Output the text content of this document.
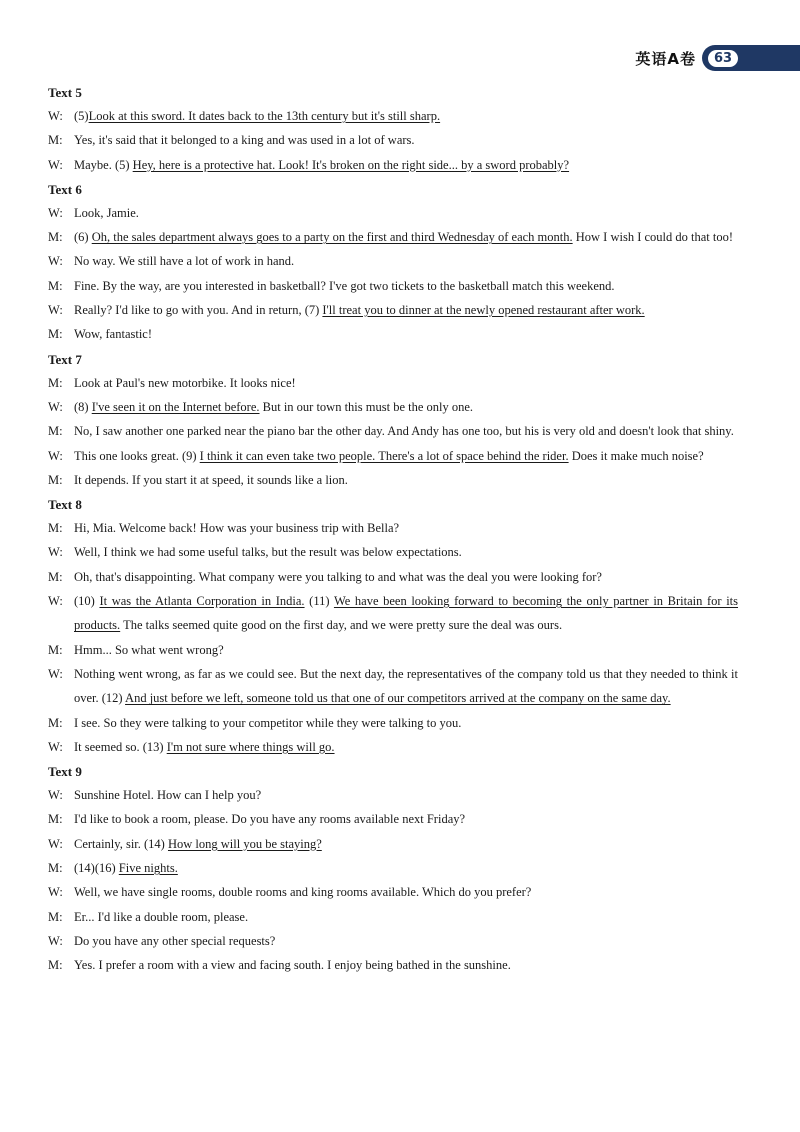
英语A卷 63
Text 5
W: (5)Look at this sword. It dates back to the 13th century but it's still sharp.
M: Yes, it's said that it belonged to a king and was used in a lot of wars.
W: Maybe. (5) Hey, here is a protective hat. Look! It's broken on the right side... by a sword probably?
Text 6
W: Look, Jamie.
M: (6) Oh, the sales department always goes to a party on the first and third Wednesday of each month. How I wish I could do that too!
W: No way. We still have a lot of work in hand.
M: Fine. By the way, are you interested in basketball? I've got two tickets to the basketball match this weekend.
W: Really? I'd like to go with you. And in return, (7) I'll treat you to dinner at the newly opened restaurant after work.
M: Wow, fantastic!
Text 7
M: Look at Paul's new motorbike. It looks nice!
W: (8) I've seen it on the Internet before. But in our town this must be the only one.
M: No, I saw another one parked near the piano bar the other day. And Andy has one too, but his is very old and doesn't look that shiny.
W: This one looks great. (9) I think it can even take two people. There's a lot of space behind the rider. Does it make much noise?
M: It depends. If you start it at speed, it sounds like a lion.
Text 8
M: Hi, Mia. Welcome back! How was your business trip with Bella?
W: Well, I think we had some useful talks, but the result was below expectations.
M: Oh, that's disappointing. What company were you talking to and what was the deal you were looking for?
W: (10) It was the Atlanta Corporation in India. (11) We have been looking forward to becoming the only partner in Britain for its products. The talks seemed quite good on the first day, and we were pretty sure the deal was ours.
M: Hmm... So what went wrong?
W: Nothing went wrong, as far as we could see. But the next day, the representatives of the company told us that they needed to think it over. (12) And just before we left, someone told us that one of our competitors arrived at the company on the same day.
M: I see. So they were talking to your competitor while they were talking to you.
W: It seemed so. (13) I'm not sure where things will go.
Text 9
W: Sunshine Hotel. How can I help you?
M: I'd like to book a room, please. Do you have any rooms available next Friday?
W: Certainly, sir. (14) How long will you be staying?
M: (14)(16) Five nights.
W: Well, we have single rooms, double rooms and king rooms available. Which do you prefer?
M: Er... I'd like a double room, please.
W: Do you have any other special requests?
M: Yes. I prefer a room with a view and facing south. I enjoy being bathed in the sunshine.
